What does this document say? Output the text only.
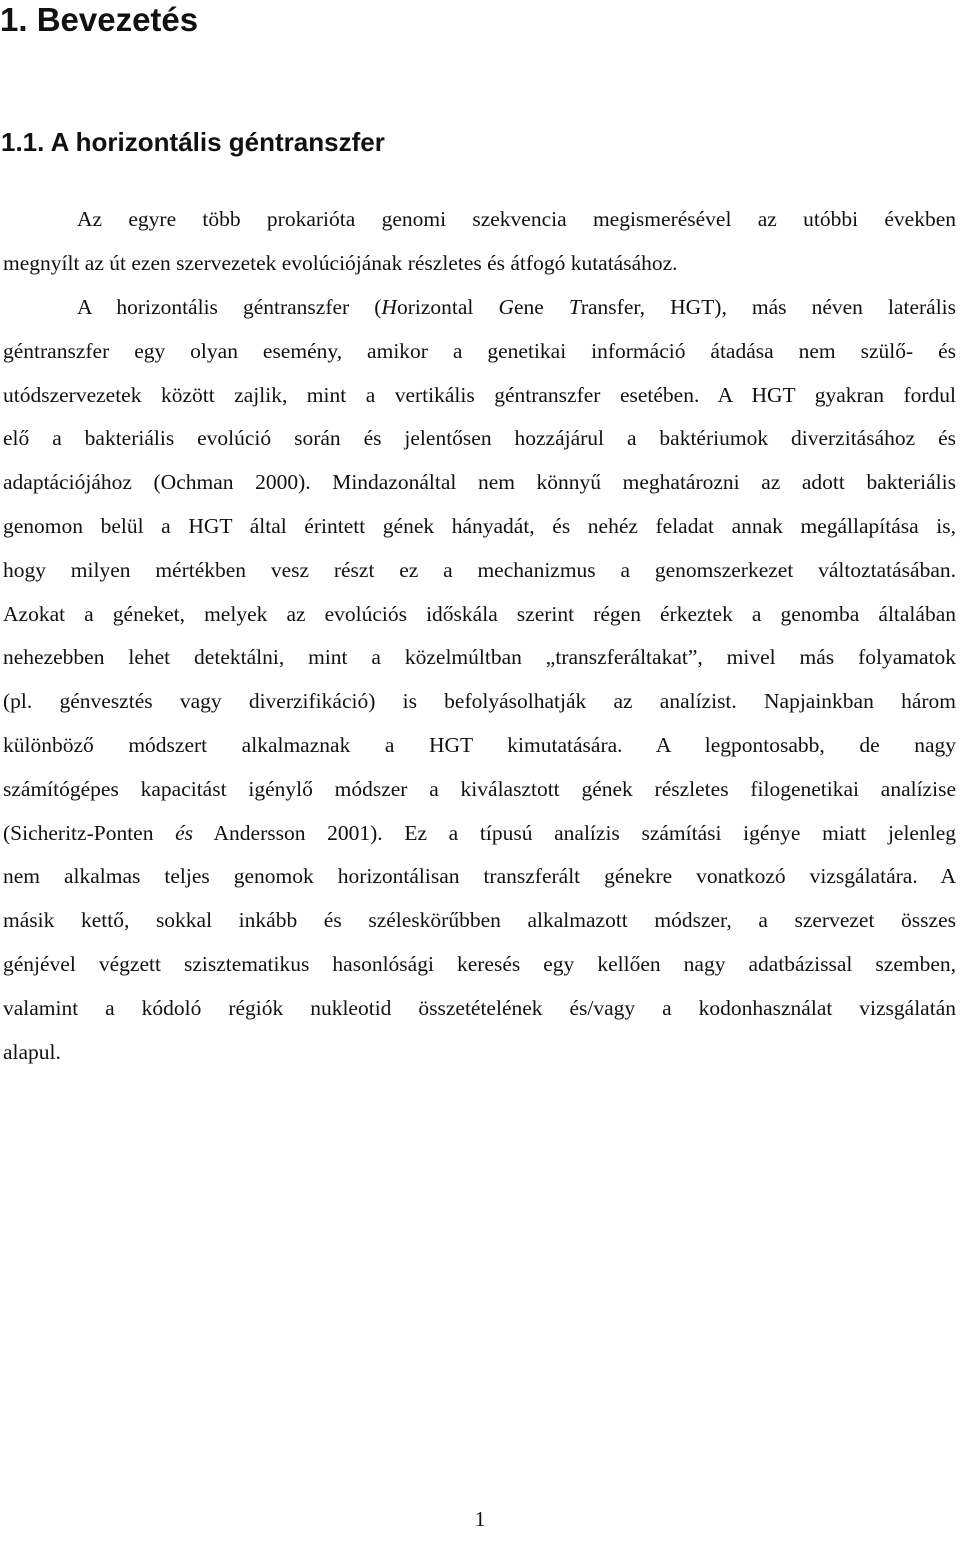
1. Bevezetés
1.1. A horizontális géntranszfer
Az egyre több prokarióta genomi szekvencia megismerésével az utóbbi években
megnyílt az út ezen szervezetek evolúciójának részletes és átfogó kutatásához.
A horizontális géntranszfer (Horizontal Gene Transfer, HGT), más néven laterális
géntranszfer egy olyan esemény, amikor a genetikai információ átadása nem szülő- és
utódszervezetek között zajlik, mint a vertikális géntranszfer esetében. A HGT gyakran fordul
elő a bakteriális evolúció során és jelentősen hozzájárul a baktériumok diverzitásához és
adaptációjához (Ochman 2000). Mindazonáltal nem könnyű meghatározni az adott bakteriális
genomon belül a HGT által érintett gének hányadát, és nehéz feladat annak megállapítása is,
hogy milyen mértékben vesz részt ez a mechanizmus a genomszerkezet változtatásában.
Azokat a géneket, melyek az evolúciós időskála szerint régen érkeztek a genomba általában
nehezebben lehet detektálni, mint a közelmúltban „transzferáltakat”, mivel más folyamatok
(pl. génvesztés vagy diverzifikáció) is befolyásolhatják az analízist. Napjainkban három
különböző módszert alkalmaznak a HGT kimutatására. A legpontosabb, de nagy
számítógépes kapacitást igénylő módszer a kiválasztott gének részletes filogenetikai analízise
(Sicheritz-Ponten és Andersson 2001). Ez a típusú analízis számítási igénye miatt jelenleg
nem alkalmas teljes genomok horizontálisan transzferált génekre vonatkozó vizsgálatára. A
másik kettő, sokkal inkább és széleskörűbben alkalmazott módszer, a szervezet összes
génjével végzett szisztematikus hasonlósági keresés egy kellően nagy adatbázissal szemben,
valamint a kódoló régiók nukleotid összetételének és/vagy a kodonhasználat vizsgálatán
alapul.
1
